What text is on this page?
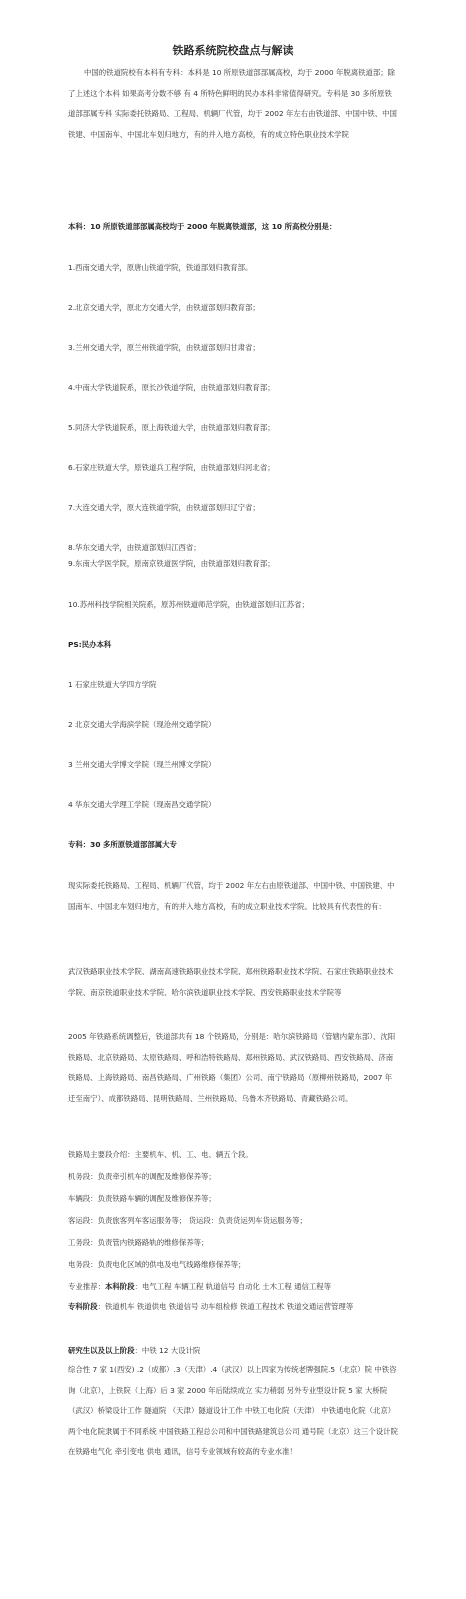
铁路系统院校盘点与解读
中国的铁道院校有本科有专科：本科是 10 所原铁道部部属高校，均于 2000 年脱离铁道部；除了上述这个本科 如果高考分数不够 有 4 所特色鲜明的民办本科非常值得研究。专科是 30 多所原铁道部部属专科 实际委托铁路局、工程局、机辆厂代管，均于 2002 年左右由铁道部、中国中铁、中国铁建、中国南车、中国北车划归地方，有的并入地方高校，有的成立特色职业技术学院
本科：10 所原铁道部部属高校均于 2000 年脱离铁道部，这 10 所高校分别是：
1.西南交通大学，原唐山铁道学院，铁道部划归教育部。
2.北京交通大学，原北方交通大学，由铁道部划归教育部；
3.兰州交通大学，原兰州铁道学院，由铁道部划归甘肃省；
4.中南大学铁道院系，原长沙铁道学院，由铁道部划归教育部；
5.同济大学铁道院系，原上海铁道大学，由铁道部划归教育部；
6.石家庄铁道大学，原铁道兵工程学院，由铁道部划归河北省；
7.大连交通大学，原大连铁道学院，由铁道部划归辽宁省；
8.华东交通大学，由铁道部划归江西省；
9.东南大学医学院，原南京铁道医学院，由铁道部划归教育部；
10.苏州科技学院相关院系，原苏州铁道师范学院，由铁道部划归江苏省；
PS:民办本科
1 石家庄铁道大学四方学院
2 北京交通大学海滨学院（现沧州交通学院）
3 兰州交通大学博文学院（现兰州博文学院）
4 华东交通大学理工学院（现南昌交通学院）
专科：30 多所原铁道部部属大专
现实际委托铁路局、工程局、机辆厂代管，均于 2002 年左右由原铁道部、中国中铁、中国铁建、中国南车、中国北车划归地方，有的并入地方高校，有的成立职业技术学院。比较具有代表性的有：
武汉铁路职业技术学院、湖南高速铁路职业技术学院、郑州铁路职业技术学院、石家庄铁路职业技术学院、南京铁道职业技术学院、哈尔滨铁道职业技术学院、西安铁路职业技术学院等
2005 年铁路系统调整后，铁道部共有 18 个铁路局，分别是：哈尔滨铁路局（管辖内蒙东部）、沈阳铁路局、北京铁路局、太原铁路局、呼和浩特铁路局、郑州铁路局、武汉铁路局、西安铁路局、济南铁路局、上海铁路局、南昌铁路局、广州铁路（集团）公司、南宁铁路局（原柳州铁路局，2007 年迁至南宁）、成都铁路局、昆明铁路局、兰州铁路局、乌鲁木齐铁路局、青藏铁路公司。
铁路局主要段介绍：主要机车、机、工、电、辆五个段。
机务段：负责牵引机车的调配及维修保养等；
车辆段：负责铁路车辆的调配及维修保养等；
客运段：负责旅客列车客运服务等； 货运段：负责货运列车货运服务等；
工务段：负责管内铁路路轨的维修保养等；
电务段：负责电化区域的供电及电气线路维修保养等；
专业推荐：本科阶段：电气工程 车辆工程 轨道信号 自动化 土木工程 通信工程等
专科阶段：铁道机车 铁道供电 铁道信号 动车组检修 铁道工程技术 铁道交通运营管理等
研究生以及以上阶段：中铁 12 大设计院
综合性 7 家 1(西安) .2（成都）.3（天津）.4（武汉）以上四家为传统老牌强院.5（北京）院 中铁咨询（北京），上铁院（上海）后 3 家 2000 年后陆续成立 实力稍弱 另外专业型设计院 5 家 大桥院（武汉）桥梁设计工作 隧道院 （天津）隧道设计工作 中铁工电化院（天津） 中铁通电化院（北京）两个电化院隶属于不同系统 中国铁路工程总公司和中国铁路建筑总公司 通号院（北京）这三个设计院在铁路电气化 牵引变电 供电 通讯，信号专业领域有较高的专业水准！
